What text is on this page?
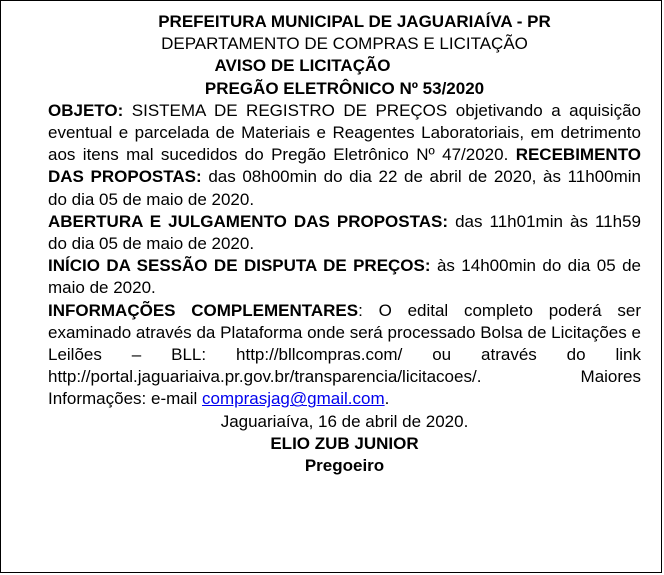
PREFEITURA MUNICIPAL DE JAGUARIAÍVA - PR
DEPARTAMENTO DE COMPRAS E LICITAÇÃO
AVISO DE LICITAÇÃO
PREGÃO ELETRÔNICO Nº 53/2020

OBJETO: SISTEMA DE REGISTRO DE PREÇOS objetivando a aquisição eventual e parcelada de Materiais e Reagentes Laboratoriais, em detrimento aos itens mal sucedidos do Pregão Eletrônico Nº 47/2020. RECEBIMENTO DAS PROPOSTAS: das 08h00min do dia 22 de abril de 2020, às 11h00min do dia 05 de maio de 2020.

ABERTURA E JULGAMENTO DAS PROPOSTAS: das 11h01min às 11h59 do dia 05 de maio de 2020.

INÍCIO DA SESSÃO DE DISPUTA DE PREÇOS: às 14h00min do dia 05 de maio de 2020.

INFORMAÇÕES COMPLEMENTARES: O edital completo poderá ser examinado através da Plataforma onde será processado Bolsa de Licitações e Leilões – BLL: http://bllcompras.com/ ou através do link http://portal.jaguariaiva.pr.gov.br/transparencia/licitacoes/. Maiores Informações: e-mail comprasjag@gmail.com.

Jaguariaíva, 16 de abril de 2020.
ELIO ZUB JUNIOR
Pregoeiro
